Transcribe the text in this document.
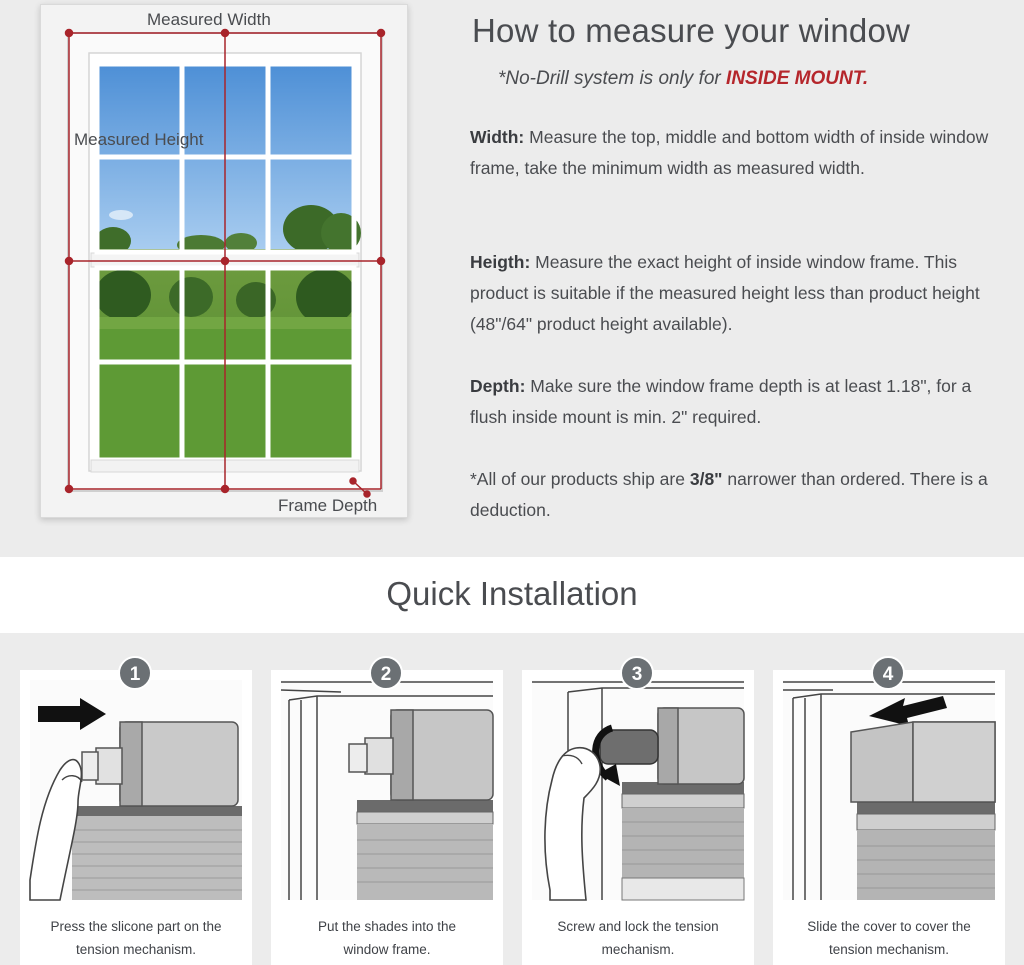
Measured Width
Measured Height
Frame Depth
How to measure your window
*No-Drill system is only for INSIDE MOUNT.

Width: Measure the top, middle and bottom width of inside window frame, take the minimum width as measured width.

Heigth: Measure the exact height of inside window frame. This product is suitable if the measured height less than product height (48"/64" product height available).

Depth: Make sure the window frame depth is at least 1.18", for a flush inside mount is min. 2" required.

*All of our products ship are 3/8" narrower than ordered. There is a deduction.

Quick Installation
1
Press the slicone part on the
tension mechanism.
2
Put the shades into the
window frame.
3
Screw and lock the tension
mechanism.
4
Slide the cover to cover the
tension mechanism.
